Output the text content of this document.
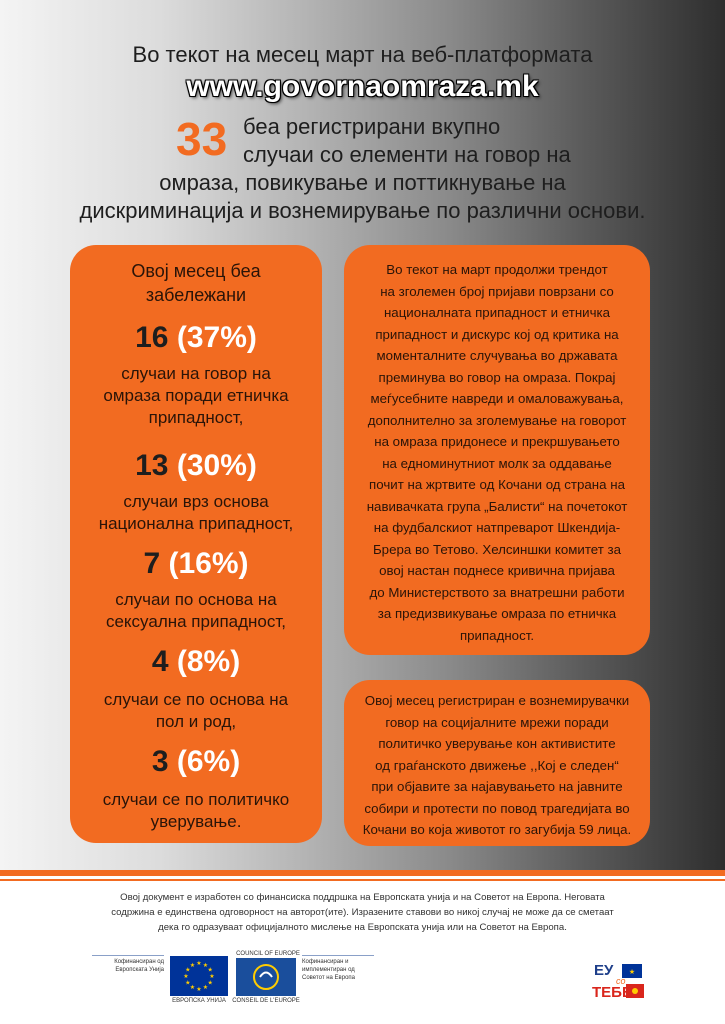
Во текот на месец март на веб-платформата
www.govornaomraza.mk
33 беа регистрирани вкупно
случаи со елементи на говор на
омраза, повикување и поттикнување на
дискриминација и вознемирување по различни основи.
Овој месец беа
забележани
16 (37%)
случаи на говор на
омраза поради етничка
припадност,
13 (30%)
случаи врз основа
национална припадност,
7 (16%)
случаи по основа на
сексуална припадност,
4 (8%)
случаи се по основа на
пол и род,
3 (6%)
случаи се по политичко
уверување.
Во текот на март продолжи трендот
на зголемен број пријави поврзани со
националната припадност и етничка
припадност и дискурс кој од критика на
моменталните случувања во државата
преминува во говор на омраза. Покрај
меѓусебните навреди и омаловажувања,
дополнително за зголемување на говорот
на омраза придонесе и прекршувањето
на едноминутниот молк за оддавање
почит на жртвите од Кочани од страна на
навивачката група „Балисти“ на почетокот
на фудбалскиот натпреварот Шкендија-
Брера во Тетово. Хелсиншки комитет за
овој настан поднесе кривична пријава
до Министерството за внатрешни работи
за предизвикување омраза по етничка
припадност.
Овој месец регистриран е вознемирувачки
говор на социјалните мрежи поради
политичко уверување кон активистите
од граѓанското движење ,,Кој е следен“
при објавите за најавувањето на јавните
собири и протести по повод трагедијата во
Кочани во која животот го загубија 59 лица.
Овој документ е изработен со финансиска поддршка на Европската унија и на Советот на Европа. Неговата
содржина е единствена одговорност на авторот(ите). Изразените ставови во никој случај не може да се сметаат
дека го одразуваат официјалното мислење на Европската унија или на Советот на Европа.
Кофинансиран од
Европската Унија
★ ★
★
★
★
★
★
★
★
★
★
★
ЕВРОПСКА УНИЈА
COUNCIL OF EUROPE
CONSEIL DE L'EUROPE
Кофинансиран и
имплементиран од
Советот на Европа
★
ЕУ
со
ТЕБЕ
